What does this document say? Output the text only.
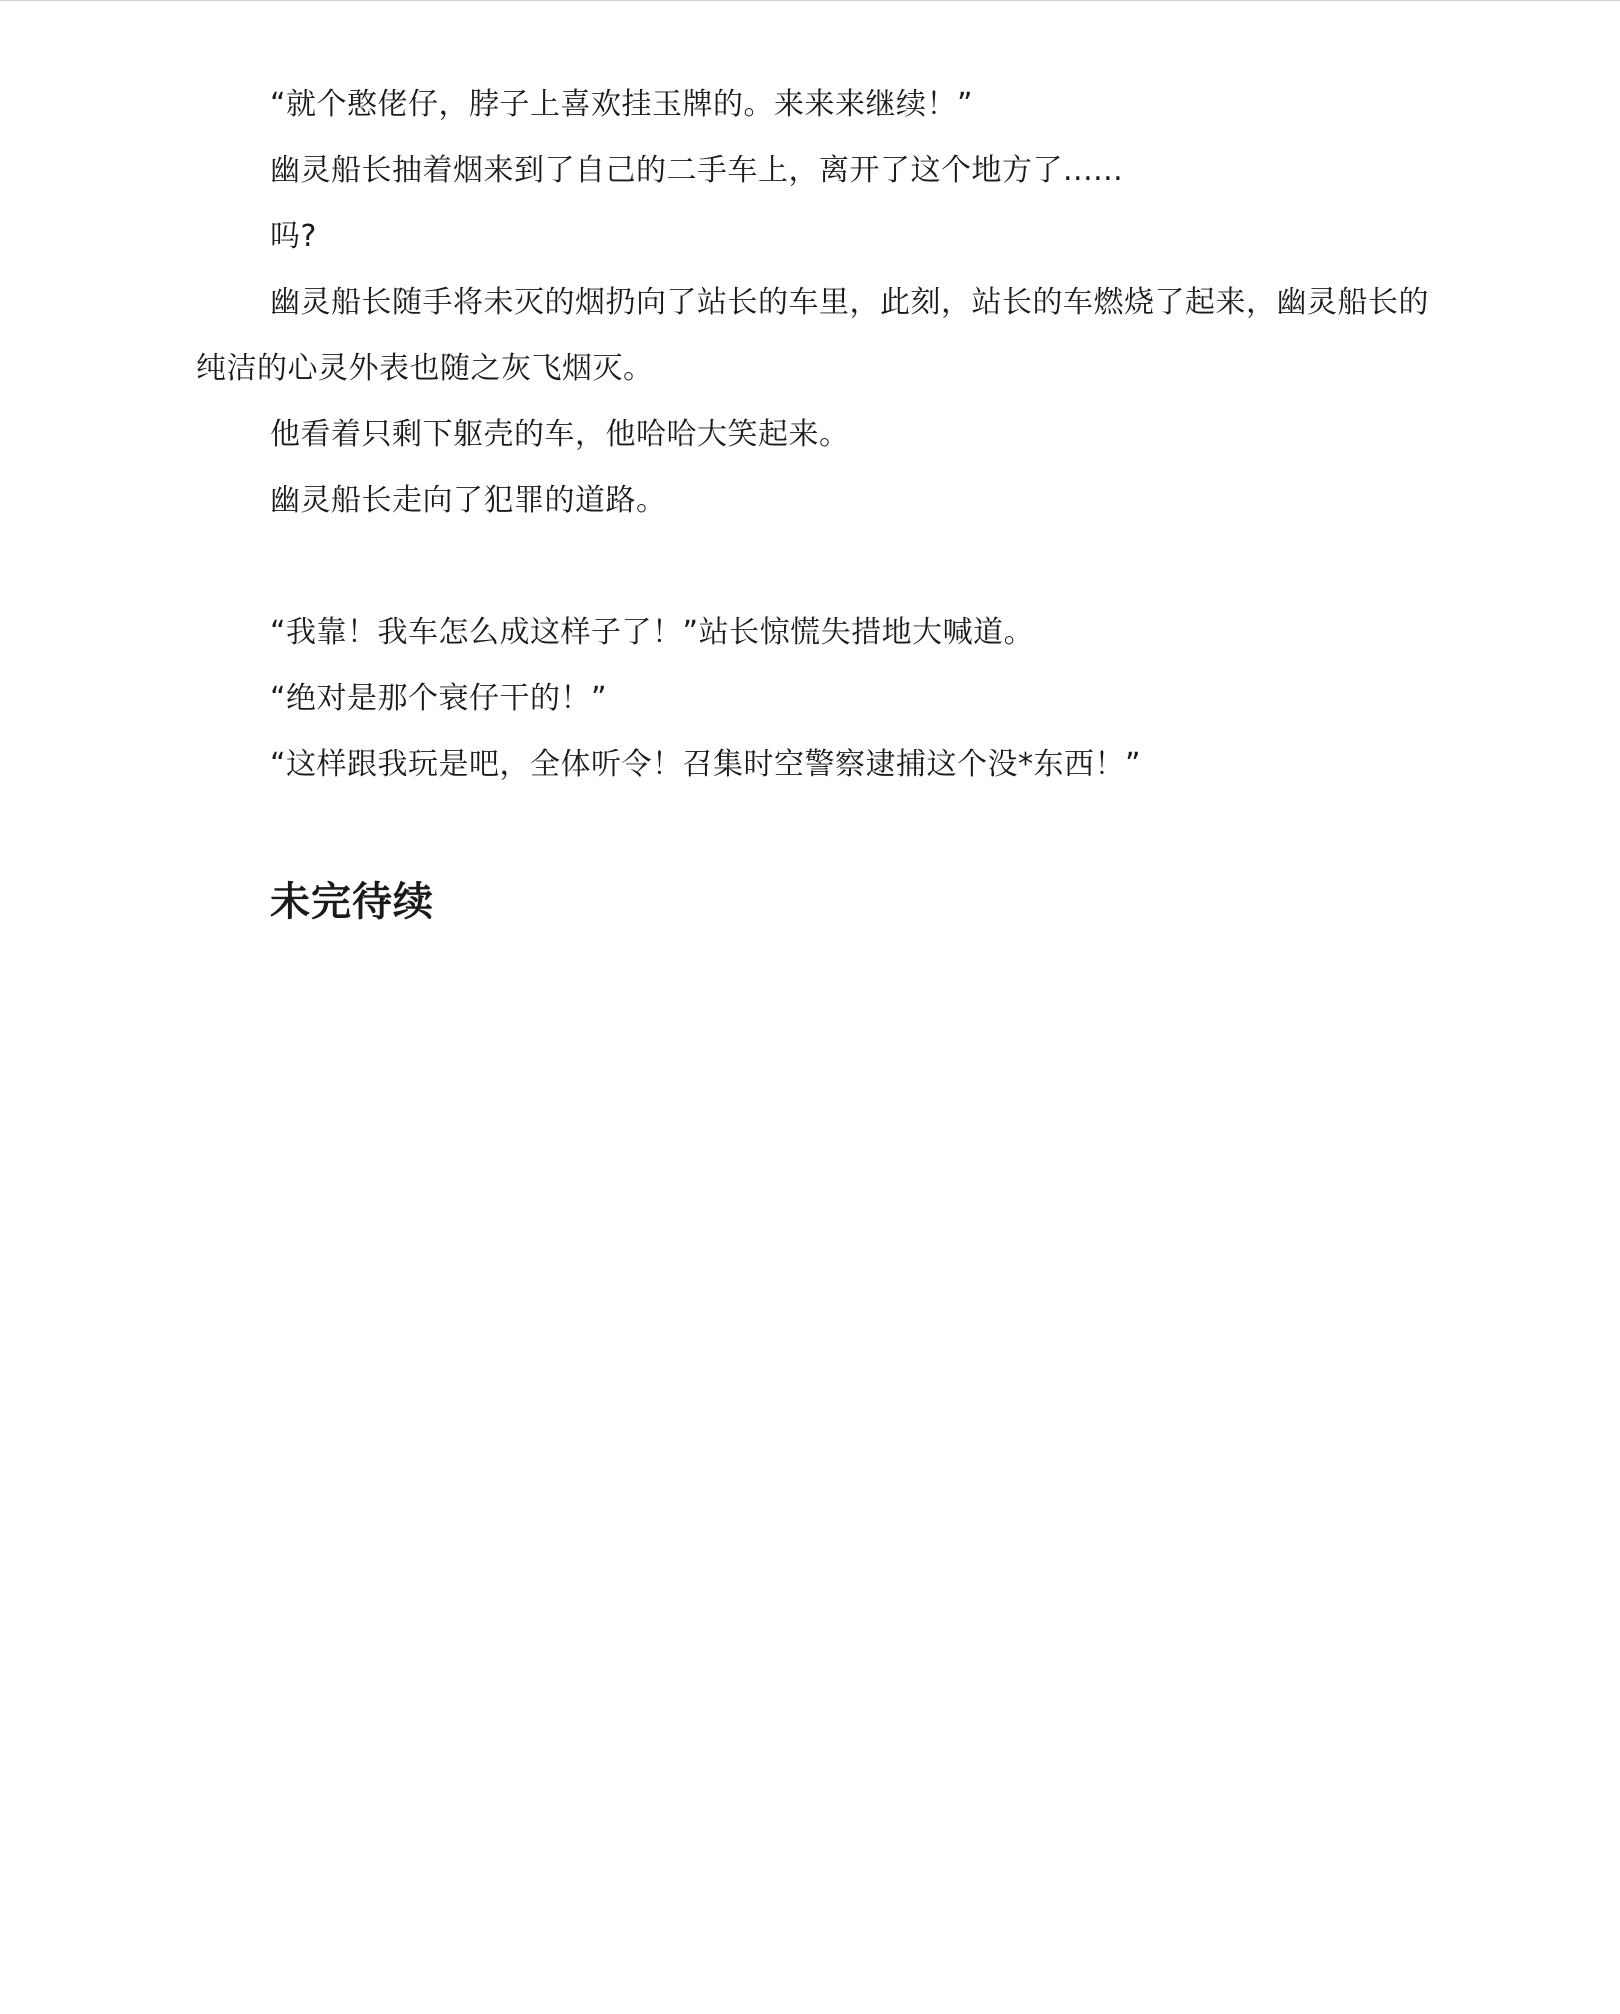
“就个憨佬仔，脖子上喜欢挂玉牌的。来来来继续！”

幽灵船长抽着烟来到了自己的二手车上，离开了这个地方了......

吗?

幽灵船长随手将未灭的烟扔向了站长的车里，此刻，站长的车燃烧了起来，幽灵船长的纯洁的心灵外表也随之灰飞烟灭。

他看着只剩下躯壳的车，他哈哈大笑起来。

幽灵船长走向了犯罪的道路。

“我靠！我车怎么成这样子了！”站长惊慌失措地大喊道。

“绝对是那个衰仔干的！”

“这样跟我玩是吧，全体听令！召集时空警察逮捕这个没*东西！”

未完待续
